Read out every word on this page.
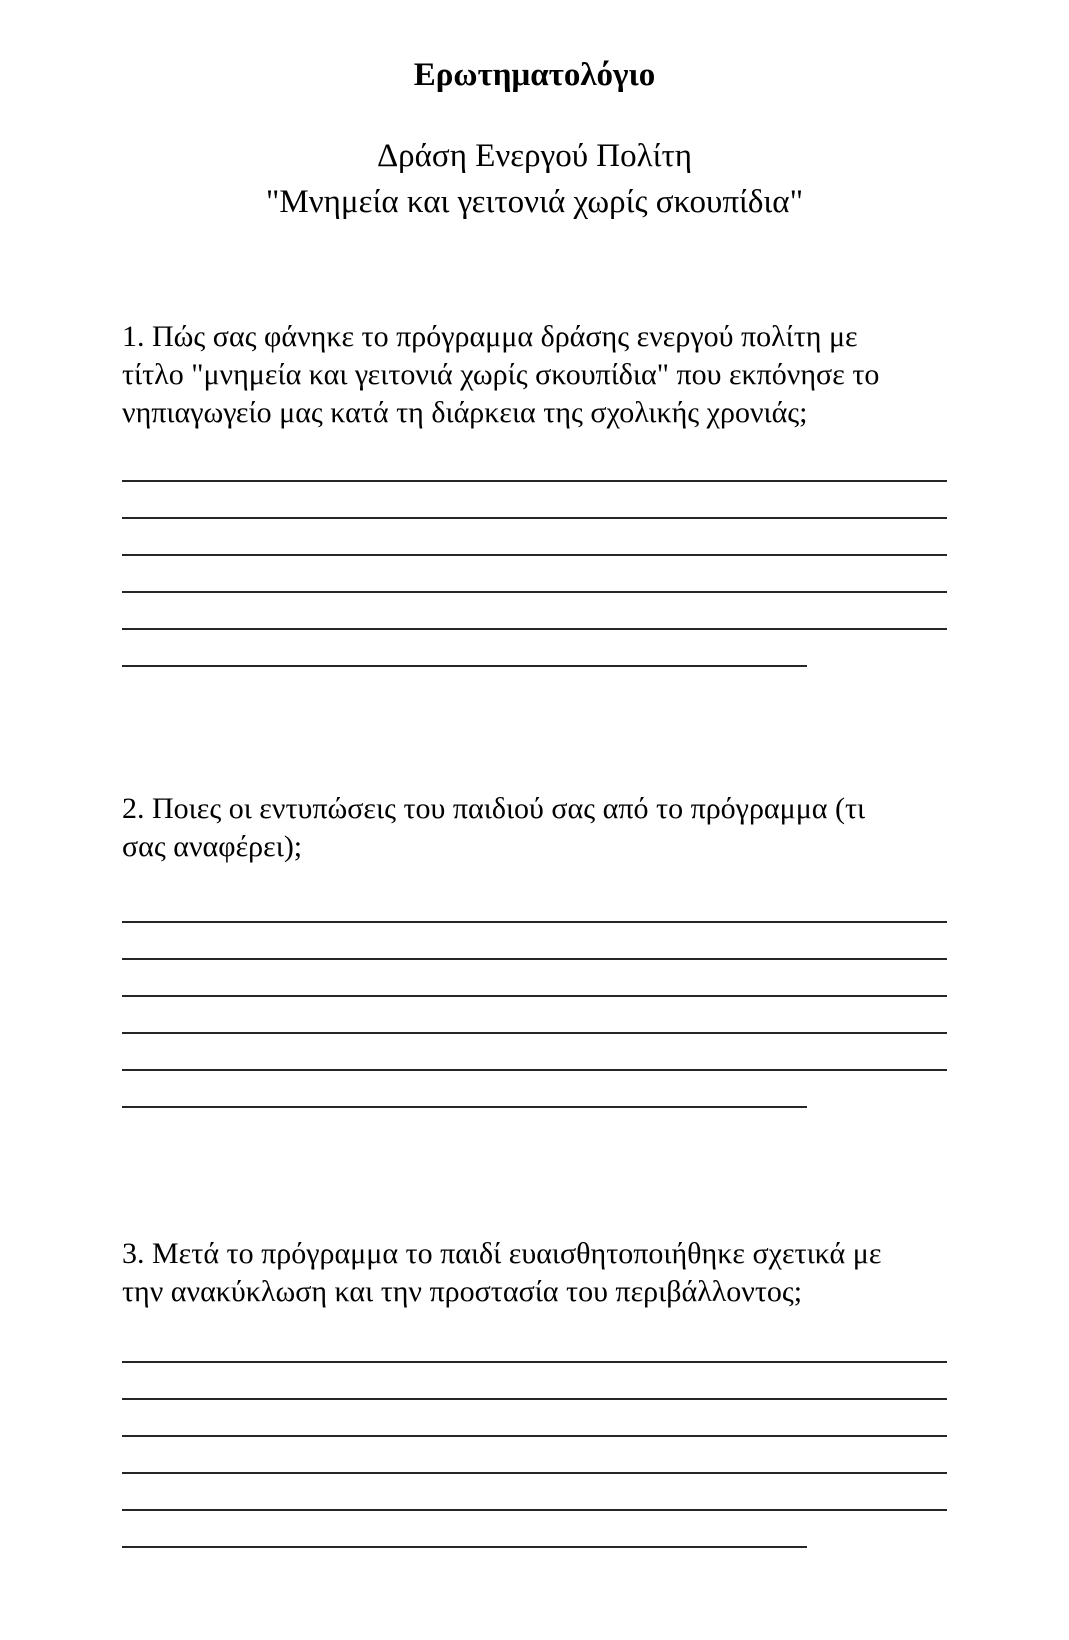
Ερωτηματολόγιο
Δράση Ενεργού Πολίτη
"Μνημεία και γειτονιά χωρίς σκουπίδια"

1. Πώς σας φάνηκε το πρόγραμμα δράσης ενεργού πολίτη με
τίτλο "μνημεία και γειτονιά χωρίς σκουπίδια" που εκπόνησε το
νηπιαγωγείο μας κατά τη διάρκεια της σχολικής χρονιάς;

2. Ποιες οι εντυπώσεις του παιδιού σας από το πρόγραμμα (τι
σας αναφέρει);

3. Μετά το πρόγραμμα το παιδί ευαισθητοποιήθηκε σχετικά με
την ανακύκλωση και την προστασία του περιβάλλοντος;
